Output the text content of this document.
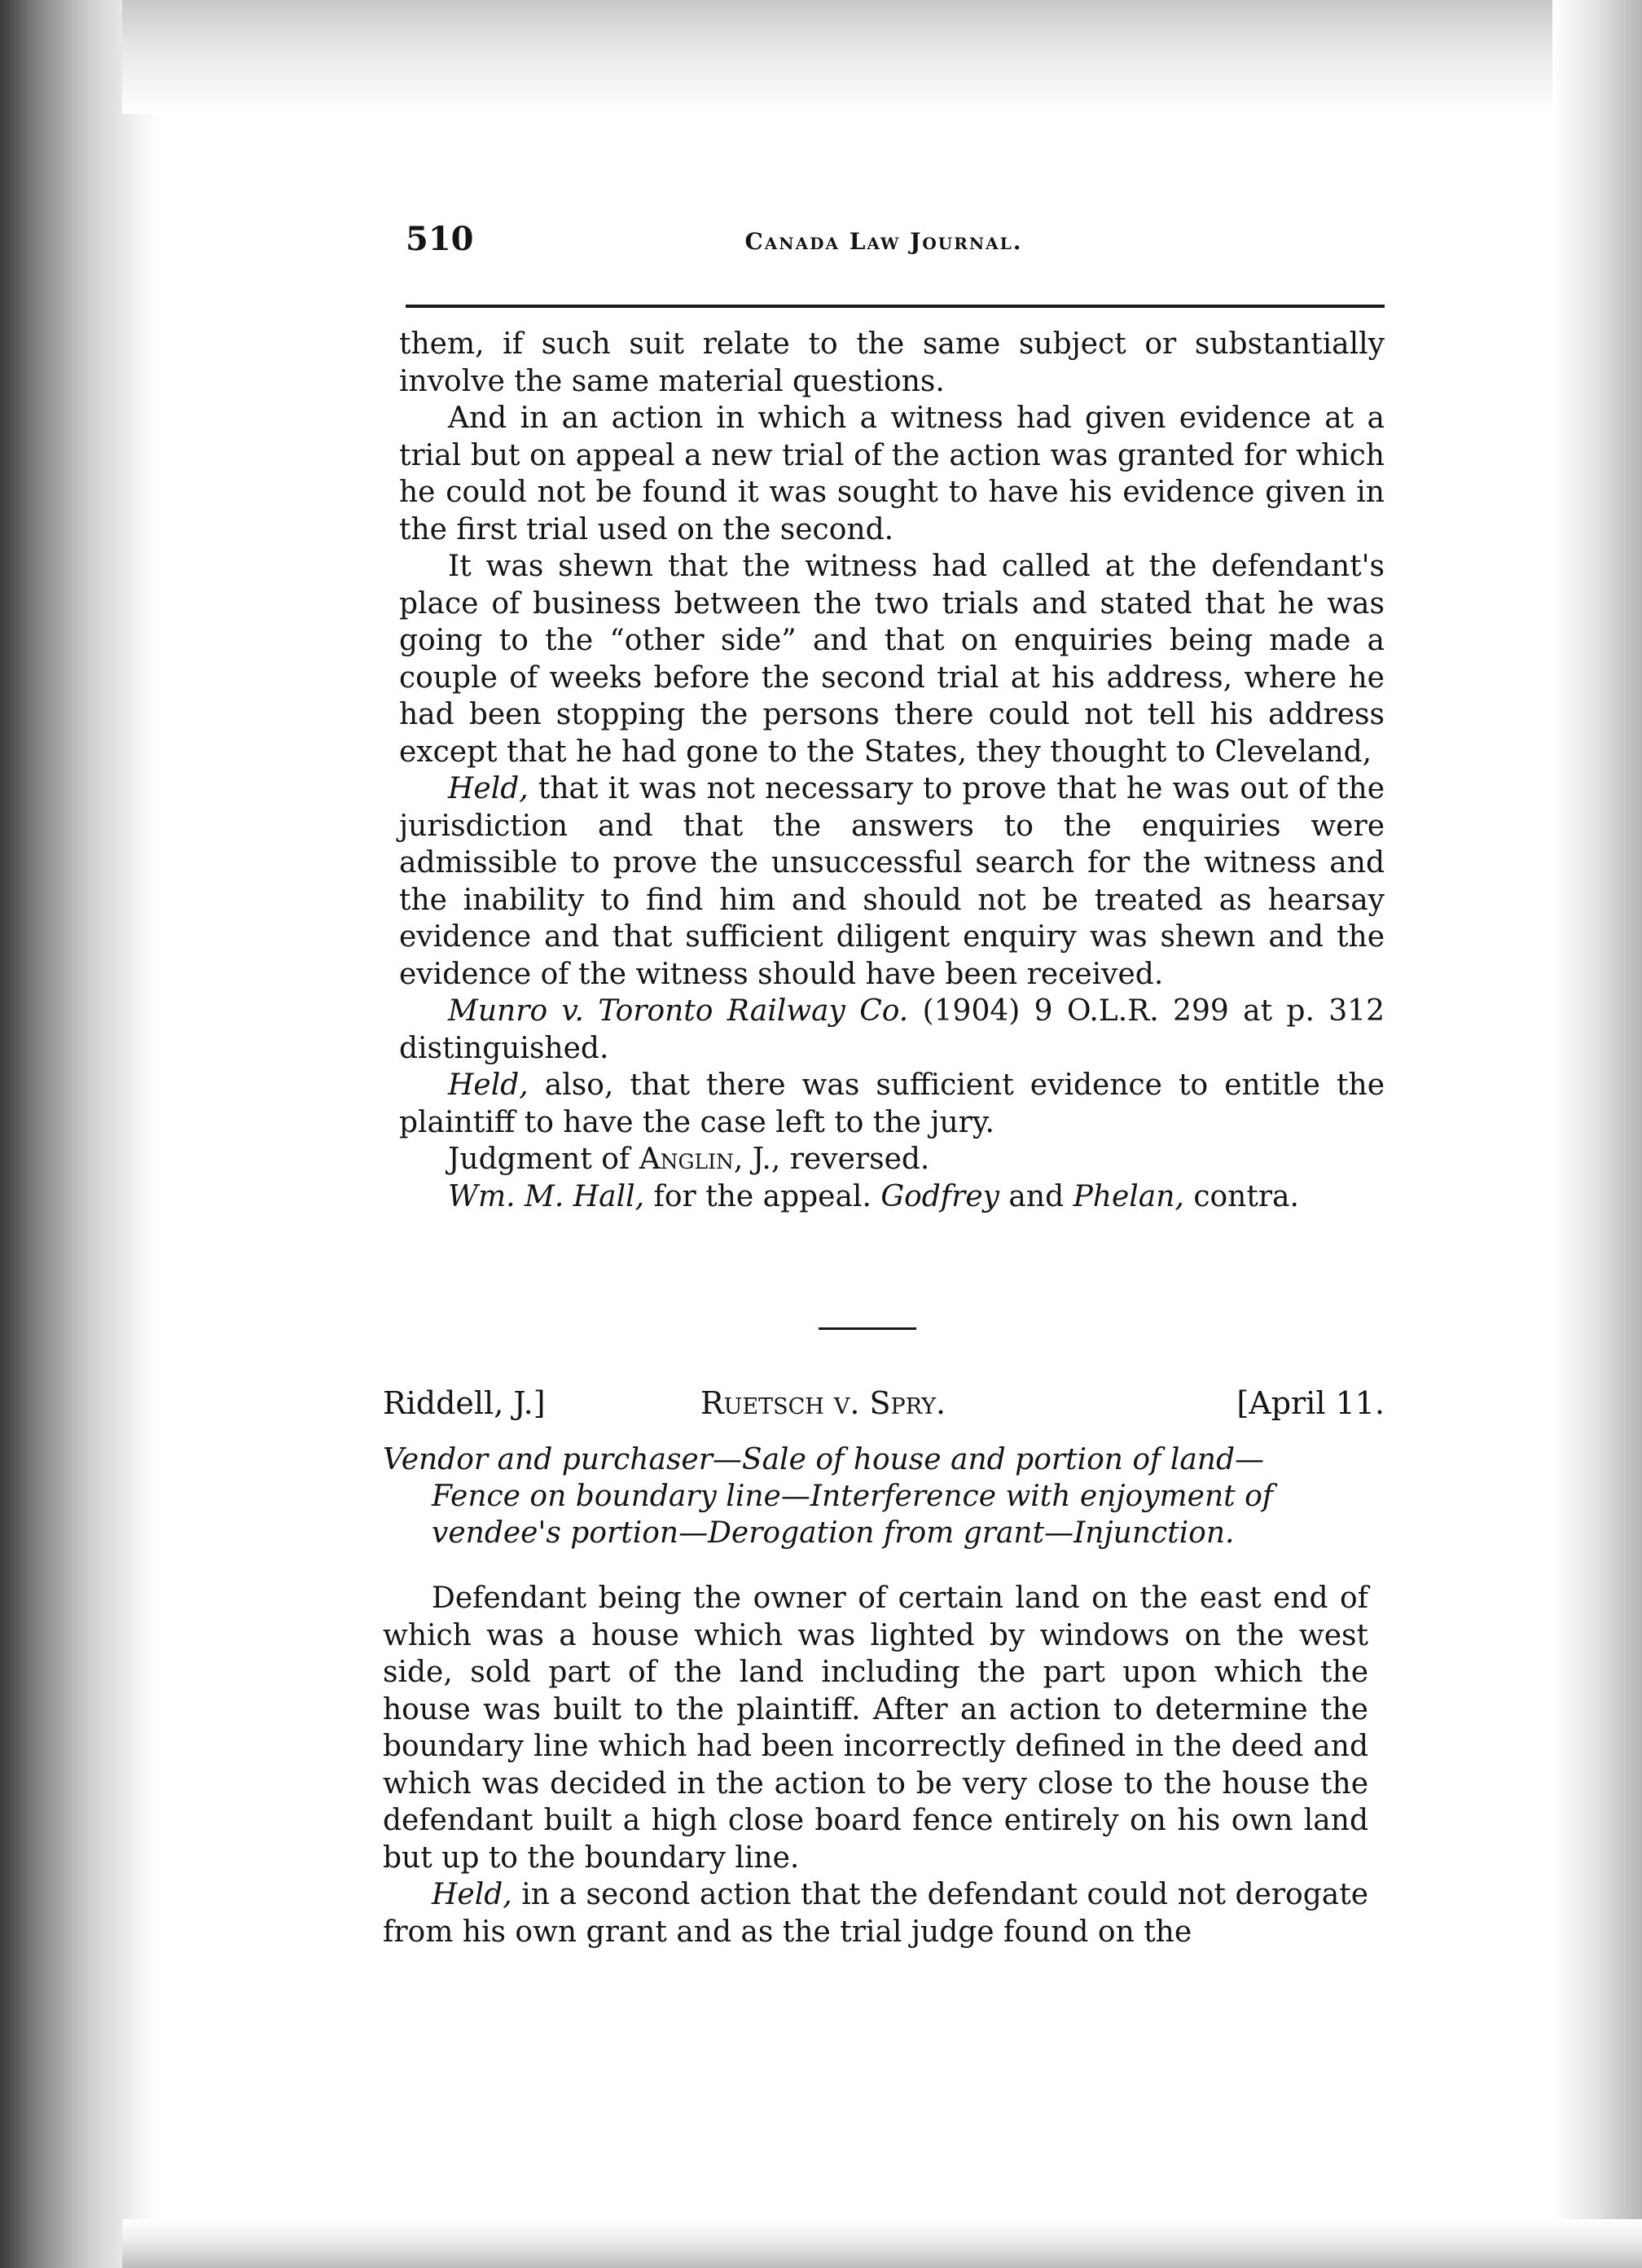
510	Canada Law Journal.

them, if such suit relate to the same subject or substantially involve the same material questions.

And in an action in which a witness had given evidence at a trial but on appeal a new trial of the action was granted for which he could not be found it was sought to have his evidence given in the first trial used on the second.

It was shewn that the witness had called at the defendant's place of business between the two trials and stated that he was going to the “other side” and that on enquiries being made a couple of weeks before the second trial at his address, where he had been stopping the persons there could not tell his address except that he had gone to the States, they thought to Cleveland,

Held, that it was not necessary to prove that he was out of the jurisdiction and that the answers to the enquiries were admissible to prove the unsuccessful search for the witness and the inability to find him and should not be treated as hearsay evidence and that sufficient diligent enquiry was shewn and the evidence of the witness should have been received.

Munro v. Toronto Railway Co. (1904) 9 O.L.R. 299 at p. 312 distinguished.

Held, also, that there was sufficient evidence to entitle the plaintiff to have the case left to the jury.

Judgment of Anglin, J., reversed.

Wm. M. Hall, for the appeal. Godfrey and Phelan, contra.

Riddell, J.]	Ruetsch v. Spry.	[April 11.
Vendor and purchaser—Sale of house and portion of land—
Fence on boundary line—Interference with enjoyment of
vendee's portion—Derogation from grant—Injunction.

Defendant being the owner of certain land on the east end of which was a house which was lighted by windows on the west side, sold part of the land including the part upon which the house was built to the plaintiff. After an action to determine the boundary line which had been incorrectly defined in the deed and which was decided in the action to be very close to the house the defendant built a high close board fence entirely on his own land but up to the boundary line.

Held, in a second action that the defendant could not derogate from his own grant and as the trial judge found on the
